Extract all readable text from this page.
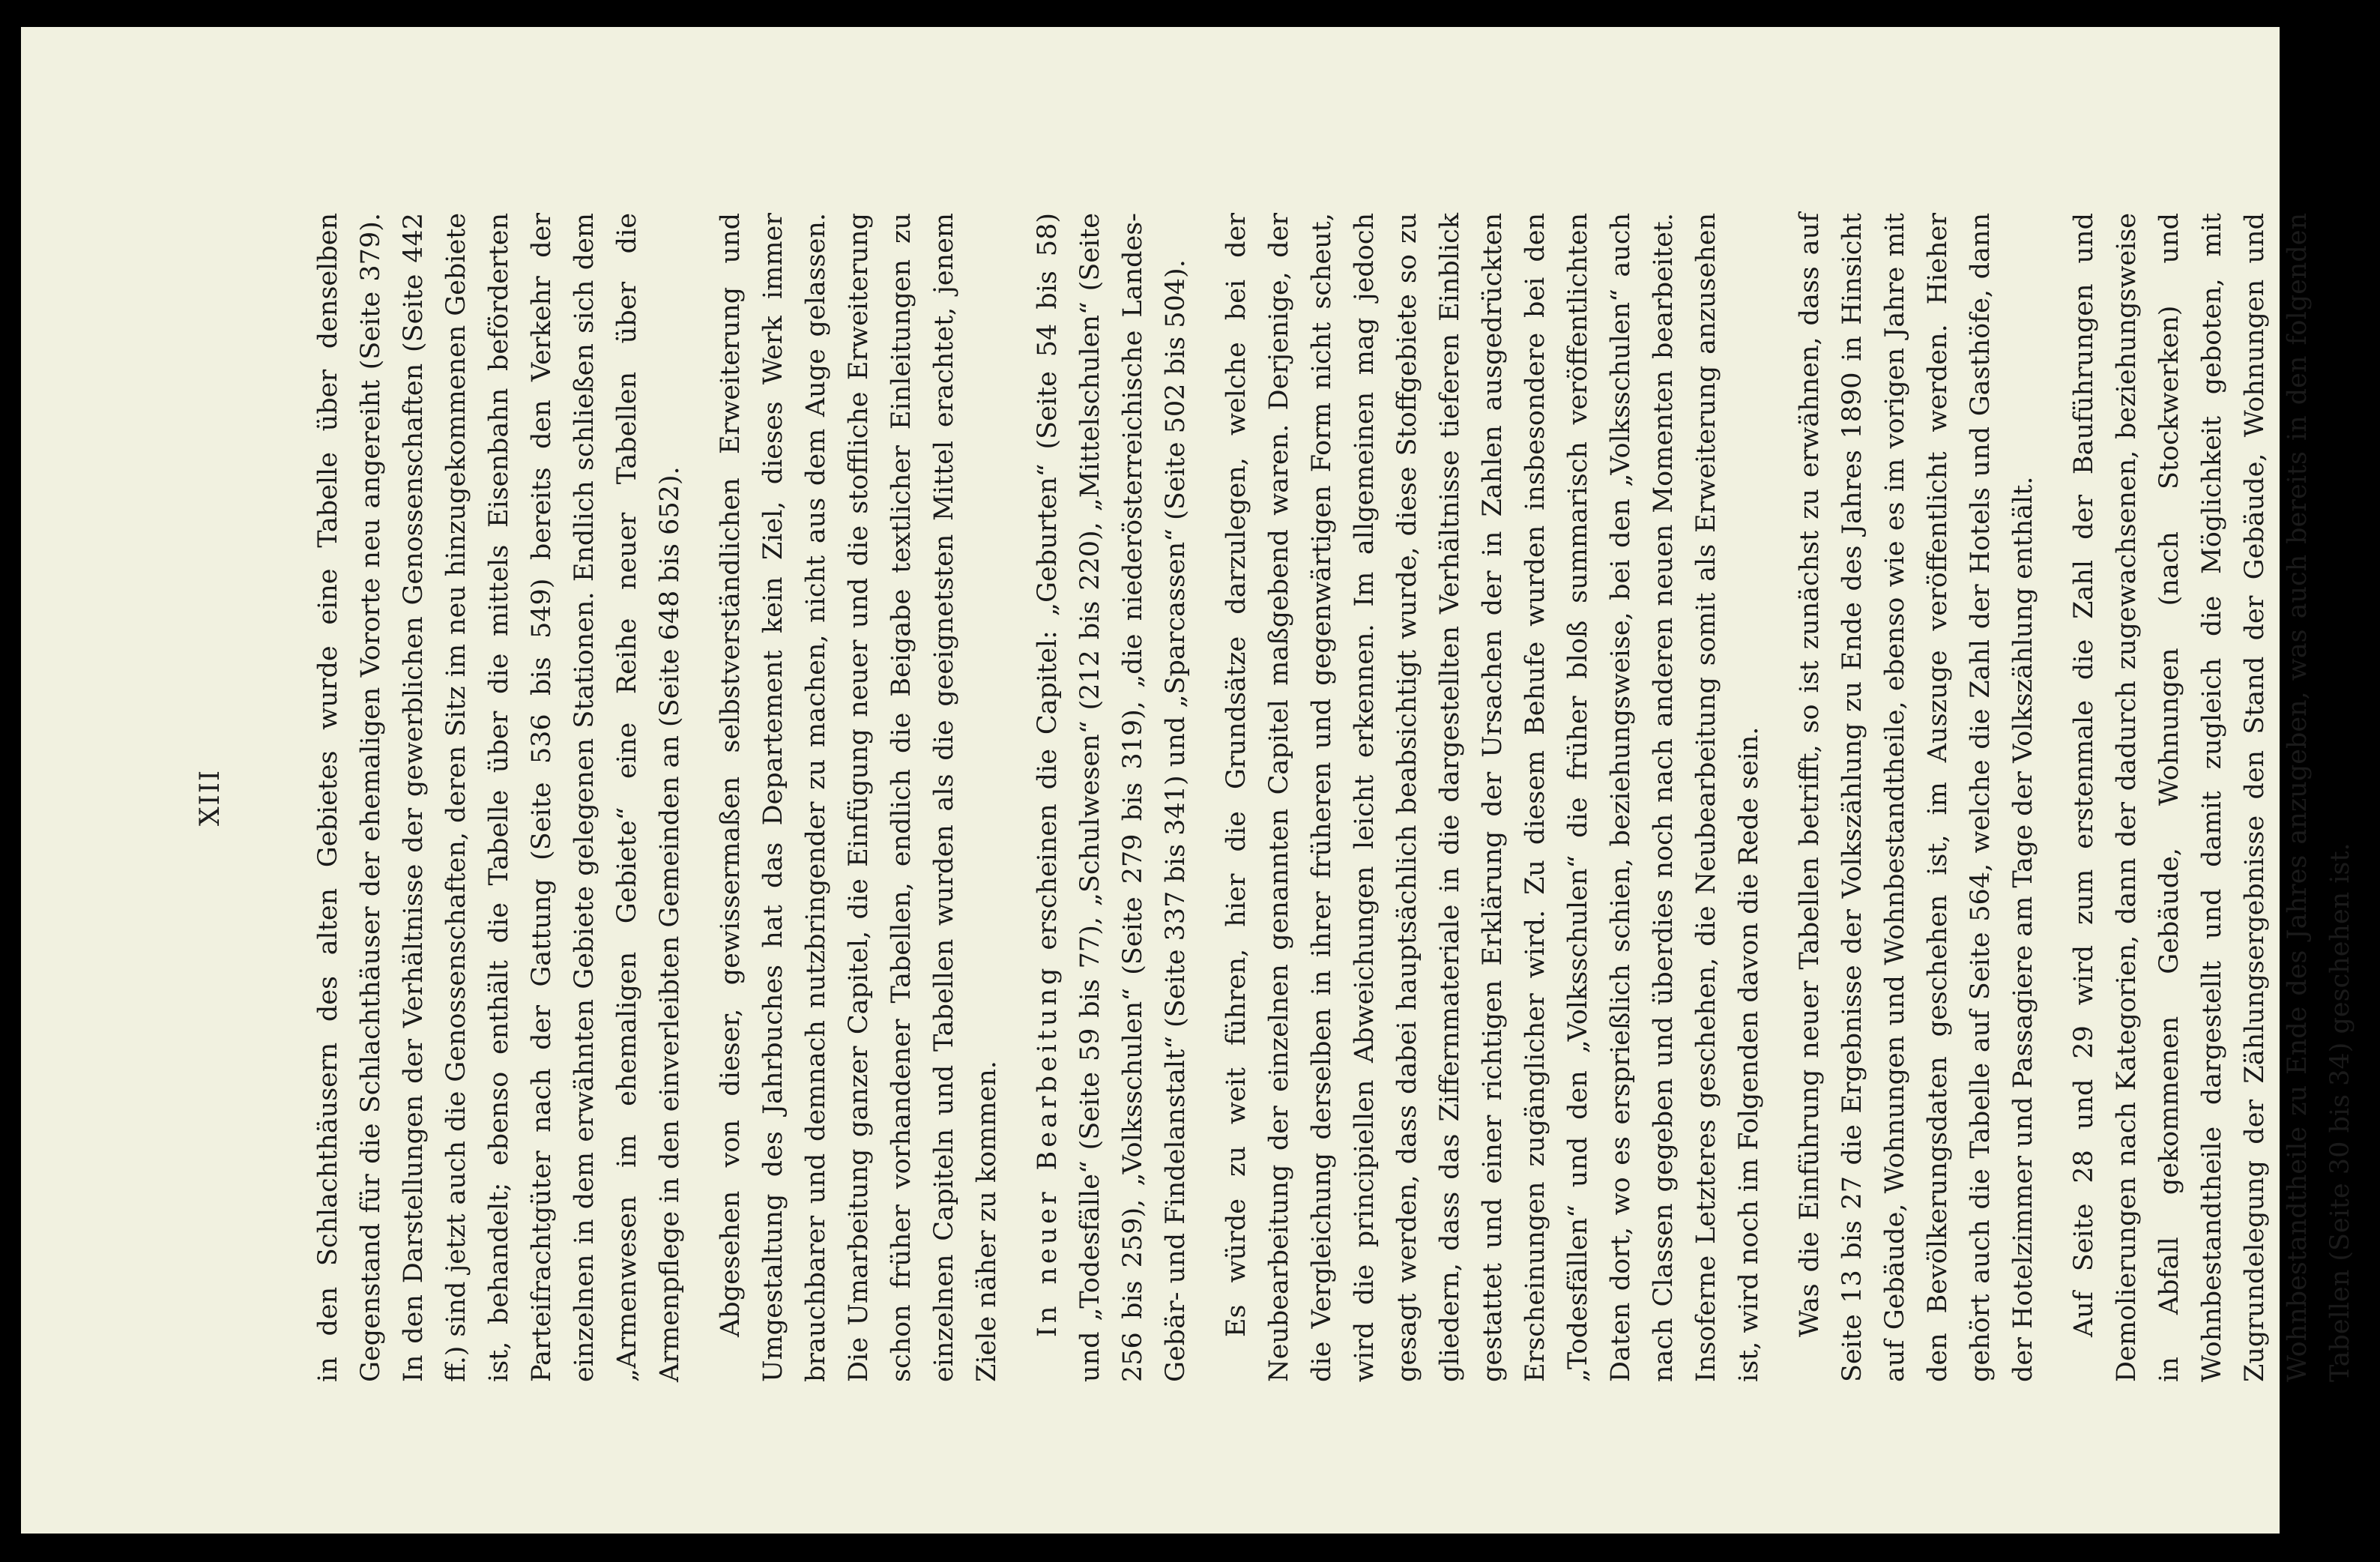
XIII	in den Schlachthäusern des alten Gebietes wurde eine Tabelle über denselben Gegenstand für die Schlachthäuser der ehemaligen Vororte neu angereiht (Seite 379). In den Darstellungen der Verhältnisse der gewerblichen Genossenschaften (Seite 442 ff.) sind jetzt auch die Genossenschaften, deren Sitz im neu hinzugekommenen Gebiete ist, behandelt; ebenso enthält die Tabelle über die mittels Eisenbahn beförderten Parteifrachtgüter nach der Gattung (Seite 536 bis 549) bereits den Verkehr der einzelnen in dem erwähnten Gebiete gelegenen Stationen. Endlich schließen sich dem „Armenwesen im ehemaligen Gebiete“ eine Reihe neuer Tabellen über die Armenpflege in den einverleibten Gemeinden an (Seite 648 bis 652). Abgesehen von dieser, gewissermaßen selbstverständlichen Erweiterung und Umgestaltung des Jahrbuches hat das Departement kein Ziel, dieses Werk immer brauchbarer und demnach nutzbringender zu machen, nicht aus dem Auge gelassen. Die Umarbeitung ganzer Capitel, die Einfügung neuer und die stoffliche Erweiterung schon früher vorhandener Tabellen, endlich die Beigabe textlicher Einleitungen zu einzelnen Capiteln und Tabellen wurden als die geeignetsten Mittel erachtet, jenem Ziele näher zu kommen. In neuer Bearbeitung erscheinen die Capitel: „Geburten“ (Seite 54 bis 58) und „Todesfälle“ (Seite 59 bis 77), „Schulwesen“ (212 bis 220), „Mittelschulen“ (Seite 256 bis 259), „Volksschulen“ (Seite 279 bis 319), „die niederösterreichische Landes-Gebär- und Findelanstalt“ (Seite 337 bis 341) und „Sparcassen“ (Seite 502 bis 504). Es würde zu weit führen, hier die Grundsätze darzulegen, welche bei der Neubearbeitung der einzelnen genannten Capitel maßgebend waren. Derjenige, der die Vergleichung derselben in ihrer früheren und gegenwärtigen Form nicht scheut, wird die principiellen Abweichungen leicht erkennen. Im allgemeinen mag jedoch gesagt werden, dass dabei hauptsächlich beabsichtigt wurde, diese Stoffgebiete so zu gliedern, dass das Ziffernmateriale in die dargestellten Verhältnisse tieferen Einblick gestattet und einer richtigen Erklärung der Ursachen der in Zahlen ausgedrückten Erscheinungen zugänglicher wird. Zu diesem Behufe wurden insbesondere bei den „Todesfällen“ und den „Volksschulen“ die früher bloß summarisch veröffentlichten Daten dort, wo es ersprießlich schien, beziehungsweise, bei den „Volksschulen“ auch nach Classen gegeben und überdies noch nach anderen neuen Momenten bearbeitet. Insoferne Letzteres geschehen, die Neubearbeitung somit als Erweiterung anzusehen ist, wird noch im Folgenden davon die Rede sein. Was die Einführung neuer Tabellen betrifft, so ist zunächst zu erwähnen, dass auf Seite 13 bis 27 die Ergebnisse der Volkszählung zu Ende des Jahres 1890 in Hinsicht auf Gebäude, Wohnungen und Wohnbestandtheile, ebenso wie es im vorigen Jahre mit den Bevölkerungsdaten geschehen ist, im Auszuge veröffentlicht werden. Hieher gehört auch die Tabelle auf Seite 564, welche die Zahl der Hotels und Gasthöfe, dann der Hotelzimmer und Passagiere am Tage der Volkszählung enthält. Auf Seite 28 und 29 wird zum erstenmale die Zahl der Bauführungen und Demolierungen nach Kategorien, dann der dadurch zugewachsenen, beziehungsweise in Abfall gekommenen Gebäude, Wohnungen (nach Stockwerken) und Wohnbestandtheile dargestellt und damit zugleich die Möglichkeit geboten, mit Zugrundelegung der Zählungsergebnisse den Stand der Gebäude, Wohnungen und Wohnbestandtheile zu Ende des Jahres anzugeben, was auch bereits in den folgenden Tabellen (Seite 30 bis 34) geschehen ist.
